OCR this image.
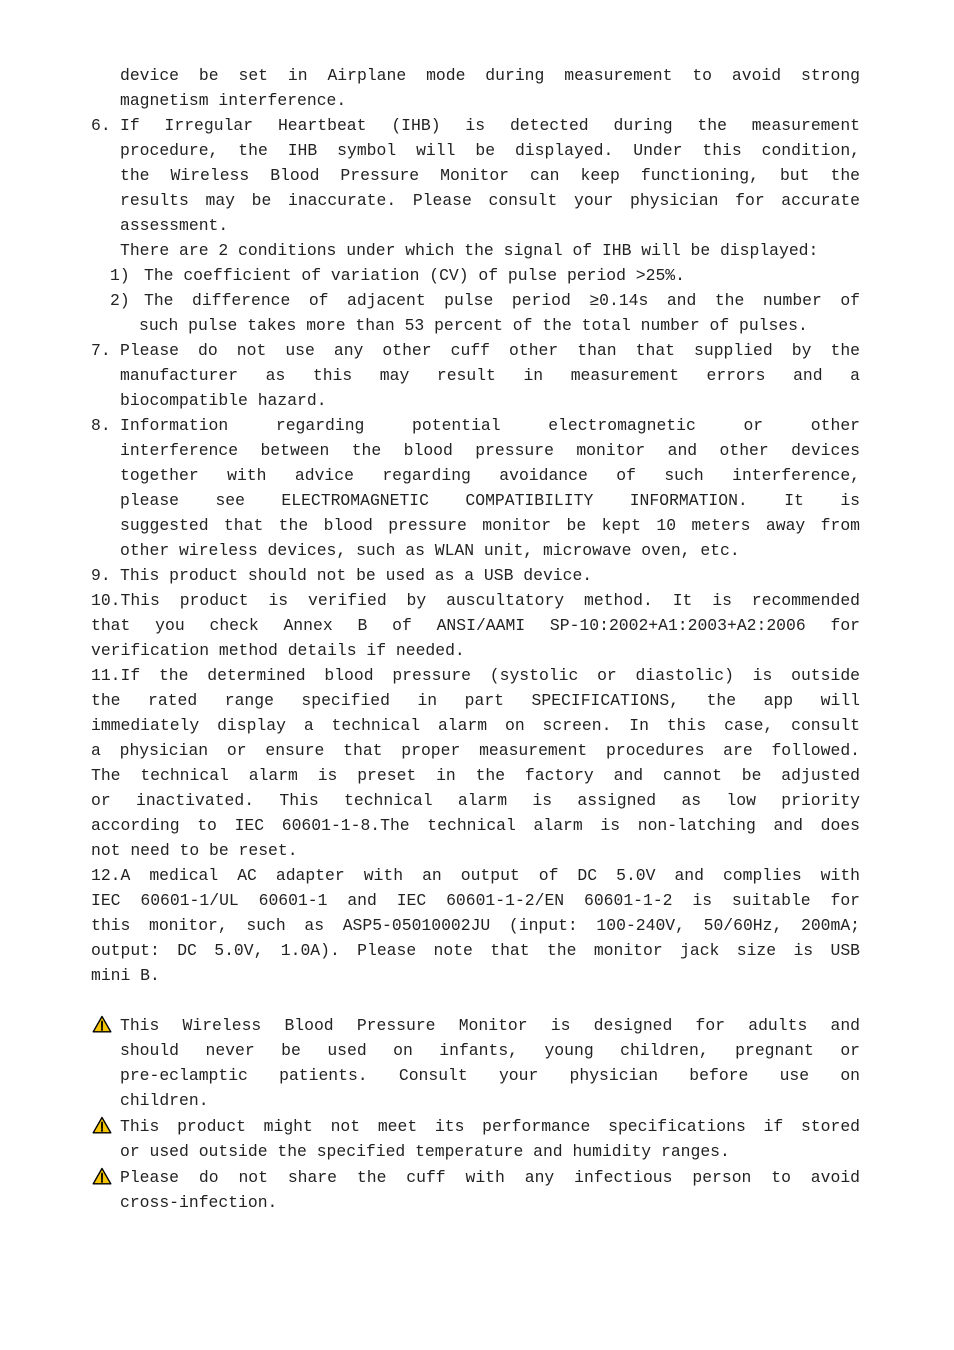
device be set in Airplane mode during measurement to avoid strong
magnetism interference.
6. If Irregular Heartbeat (IHB) is detected during the measurement
procedure, the IHB symbol will be displayed. Under this condition,
the Wireless Blood Pressure Monitor can keep functioning, but the
results may be inaccurate. Please consult your physician for accurate
assessment.
There are 2 conditions under which the signal of IHB will be displayed:
1) The coefficient of variation (CV) of pulse period >25%.
2) The difference of adjacent pulse period ≥0.14s and the number of
such pulse takes more than 53 percent of the total number of pulses.
7. Please do not use any other cuff other than that supplied by the
manufacturer as this may result in measurement errors and a
biocompatible hazard.
8. Information regarding potential electromagnetic or other
interference between the blood pressure monitor and other devices
together with advice regarding avoidance of such interference,
please see ELECTROMAGNETIC COMPATIBILITY INFORMATION. It is
suggested that the blood pressure monitor be kept 10 meters away from
other wireless devices, such as WLAN unit, microwave oven, etc.
9. This product should not be used as a USB device.
10.This product is verified by auscultatory method. It is recommended
that you check Annex B of ANSI/AAMI SP-10:2002+A1:2003+A2:2006 for
verification method details if needed.
11.If the determined blood pressure (systolic or diastolic) is outside
the rated range specified in part SPECIFICATIONS, the app will
immediately display a technical alarm on screen. In this case, consult
a physician or ensure that proper measurement procedures are followed.
The technical alarm is preset in the factory and cannot be adjusted
or inactivated. This technical alarm is assigned as low priority
according to IEC 60601-1-8.The technical alarm is non-latching and does
not need to be reset.
12.A medical AC adapter with an output of DC 5.0V and complies with
IEC 60601-1/UL 60601-1 and IEC 60601-1-2/EN 60601-1-2 is suitable for
this monitor, such as ASP5-05010002JU (input: 100-240V, 50/60Hz, 200mA;
output: DC 5.0V, 1.0A). Please note that the monitor jack size is USB
mini B.
This Wireless Blood Pressure Monitor is designed for adults and
should never be used on infants, young children, pregnant or
pre-eclamptic patients. Consult your physician before use on
children.
This product might not meet its performance specifications if stored
or used outside the specified temperature and humidity ranges.
Please do not share the cuff with any infectious person to avoid
cross-infection.
